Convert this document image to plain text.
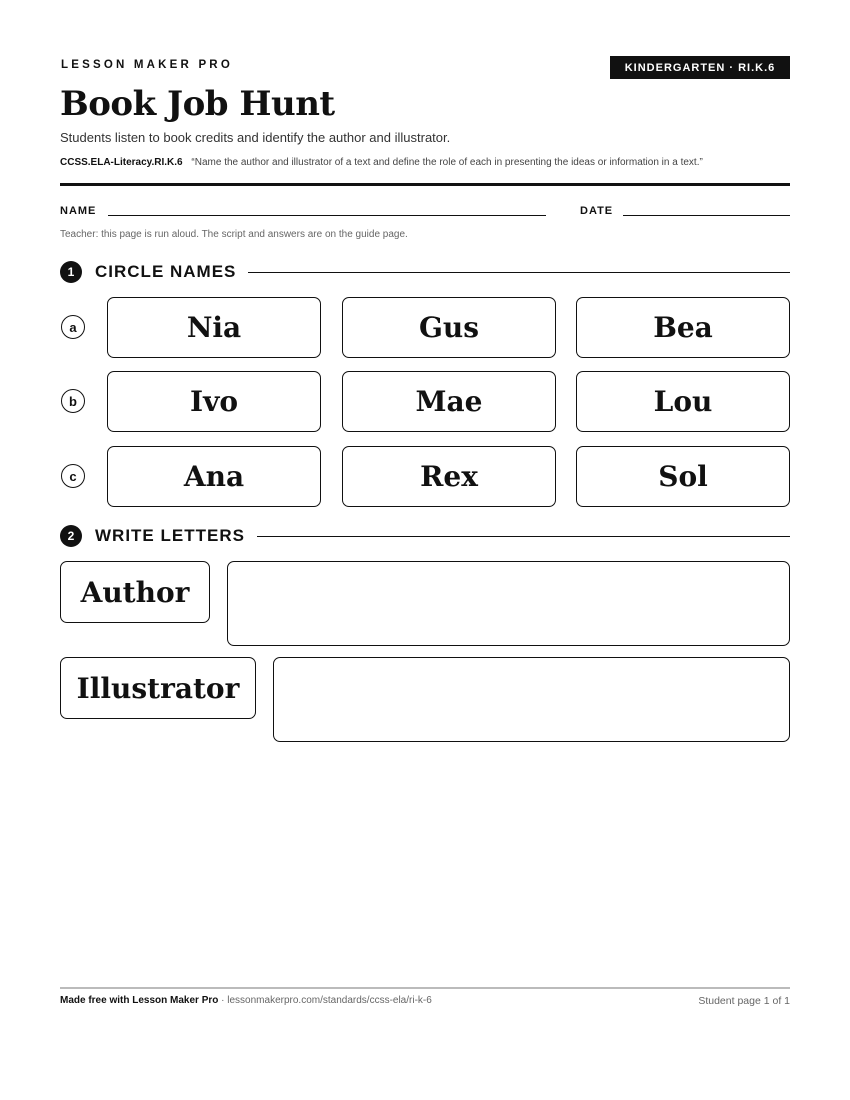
LESSON MAKER PRO	KINDERGARTEN · RI.K.6
Book Job Hunt
Students listen to book credits and identify the author and illustrator.
CCSS.ELA-Literacy.RI.K.6 “Name the author and illustrator of a text and define the role of each in presenting the ideas or information in a text.”
NAME	DATE
Teacher: this page is run aloud. The script and answers are on the guide page.
1	CIRCLE NAMES
a	Nia	Gus	Bea
b	Ivo	Mae	Lou
c	Ana	Rex	Sol
2	WRITE LETTERS
Author
Illustrator
Made free with Lesson Maker Pro · lessonmakerpro.com/standards/ccss-ela/ri-k-6	Student page 1 of 1
